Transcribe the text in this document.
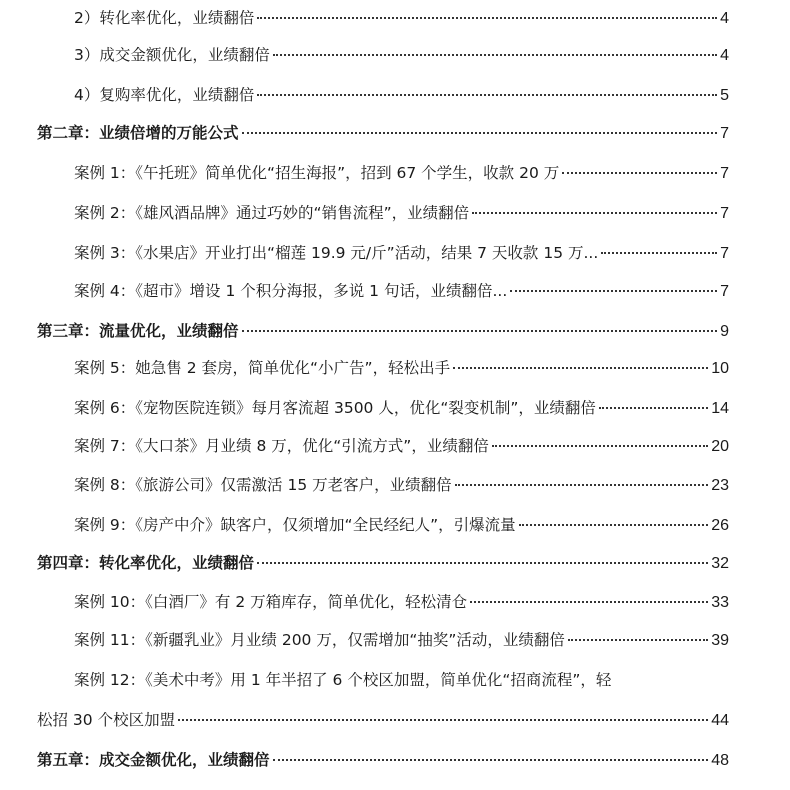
2）转化率优化，业绩翻倍	4
3）成交金额优化，业绩翻倍	4
4）复购率优化，业绩翻倍	5
第二章：业绩倍增的万能公式	7
案例 1：《午托班》简单优化“招生海报”，招到 67 个学生，收款 20 万	7
案例 2：《雄风酒品牌》通过巧妙的“销售流程”，业绩翻倍	7
案例 3：《水果店》开业打出“榴莲 19.9 元/斤”活动，结果 7 天收款 15 万...	7
案例 4：《超市》增设 1 个积分海报，多说 1 句话，业绩翻倍...	7
第三章：流量优化，业绩翻倍	9
案例 5：她急售 2 套房，简单优化“小广告”，轻松出手	10
案例 6：《宠物医院连锁》每月客流超 3500 人，优化“裂变机制”，业绩翻倍	14
案例 7：《大口茶》月业绩 8 万，优化“引流方式”，业绩翻倍	20
案例 8：《旅游公司》仅需激活 15 万老客户，业绩翻倍	23
案例 9：《房产中介》缺客户，仅须增加“全民经纪人”，引爆流量	26
第四章：转化率优化，业绩翻倍	32
案例 10：《白酒厂》有 2 万箱库存，简单优化，轻松清仓	33
案例 11：《新疆乳业》月业绩 200 万，仅需增加“抽奖”活动，业绩翻倍	39
案例 12：《美术中考》用 1 年半招了 6 个校区加盟，简单优化“招商流程”，轻
松招 30 个校区加盟	44
第五章：成交金额优化，业绩翻倍	48
